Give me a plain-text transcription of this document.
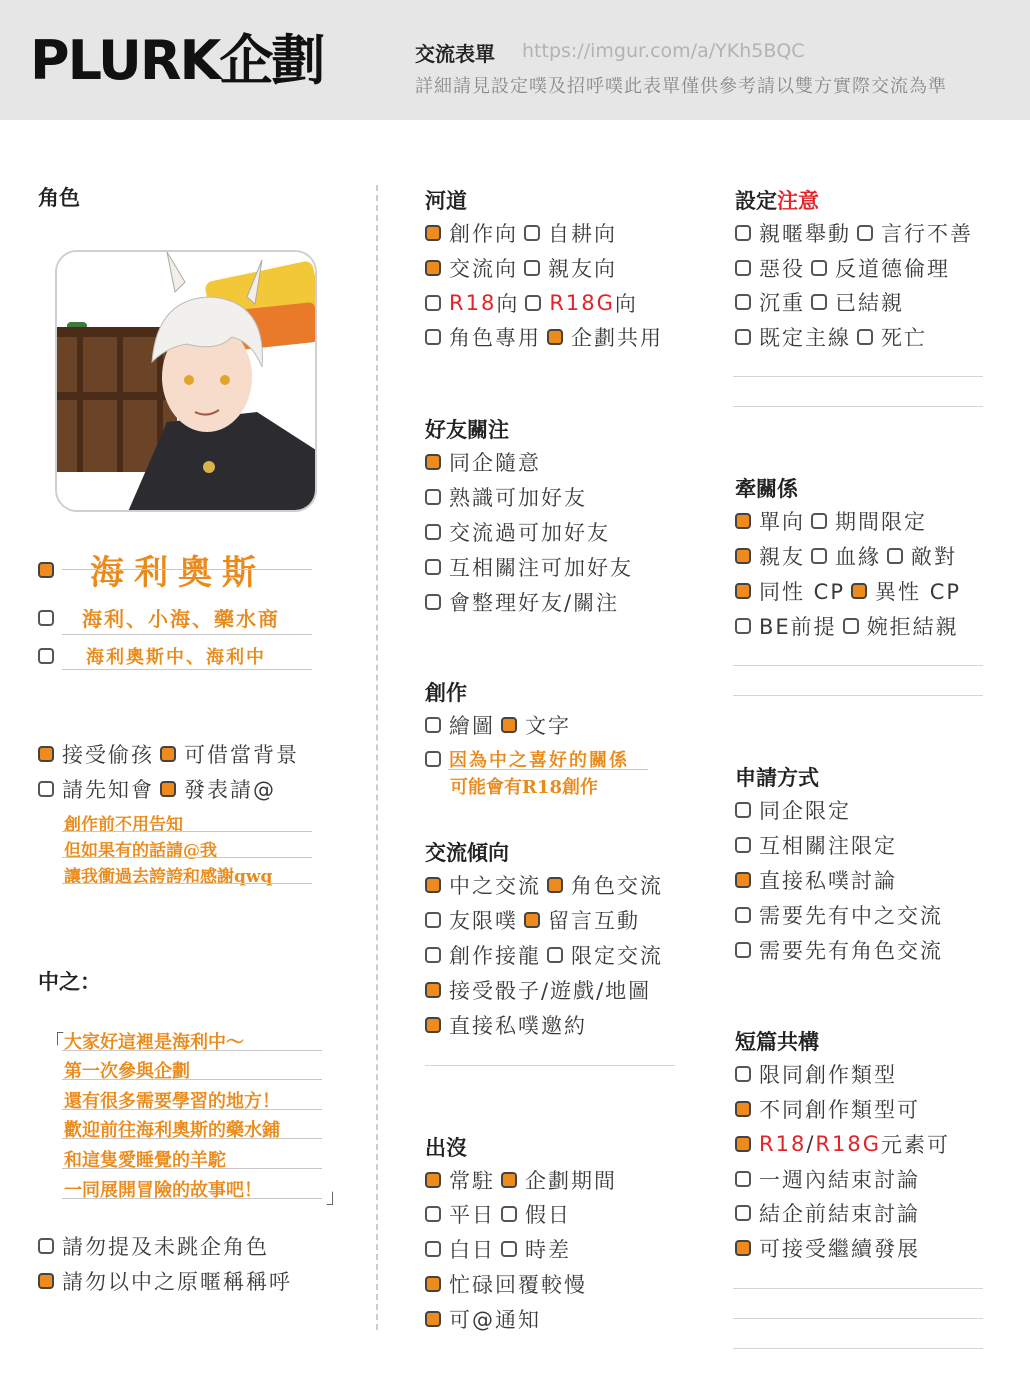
PLURK企劃	交流表單 https://imgur.com/a/YKh5BQC
詳細請見設定噗及招呼噗此表單僅供參考請以雙方實際交流為準
角色
海利奧斯
海利、小海、藥水商
海利奧斯中、海利中
接受偷孩 可借當背景
請先知會 發表請@
創作前不用告知
但如果有的話請@我
讓我衝過去誇誇和感謝qwq
中之：
「 大家好這裡是海利中～
第一次參與企劃
還有很多需要學習的地方！
歡迎前往海利奧斯的藥水鋪
和這隻愛睡覺的羊駝
一同展開冒險的故事吧！	」
請勿提及未跳企角色
請勿以中之原暱稱稱呼
河道
創作向 自耕向
交流向 親友向
R18 向 R18G 向
角色專用 企劃共用
好友關注
同企隨意
熟識可加好友
交流過可加好友
互相關注可加好友
會整理好友/關注
創作
繪圖 文字
因為中之喜好的關係
可能會有R18創作
交流傾向
中之交流 角色交流
友限噗 留言互動
創作接龍 限定交流
接受骰子/遊戲/地圖
直接私噗邀約
出沒
常駐 企劃期間
平日 假日
白日 時差
忙碌回覆較慢
可@通知
設定注意
親暱舉動 言行不善
惡役 反道德倫理
沉重 已結親
既定主線 死亡
牽關係
單向 期間限定
親友 血緣 敵對
同性 CP 異性 CP
BE前提 婉拒結親
申請方式
同企限定
互相關注限定
直接私噗討論
需要先有中之交流
需要先有角色交流
短篇共構
限同創作類型
不同創作類型可
R18 / R18G 元素可
一週內結束討論
結企前結束討論
可接受繼續發展
